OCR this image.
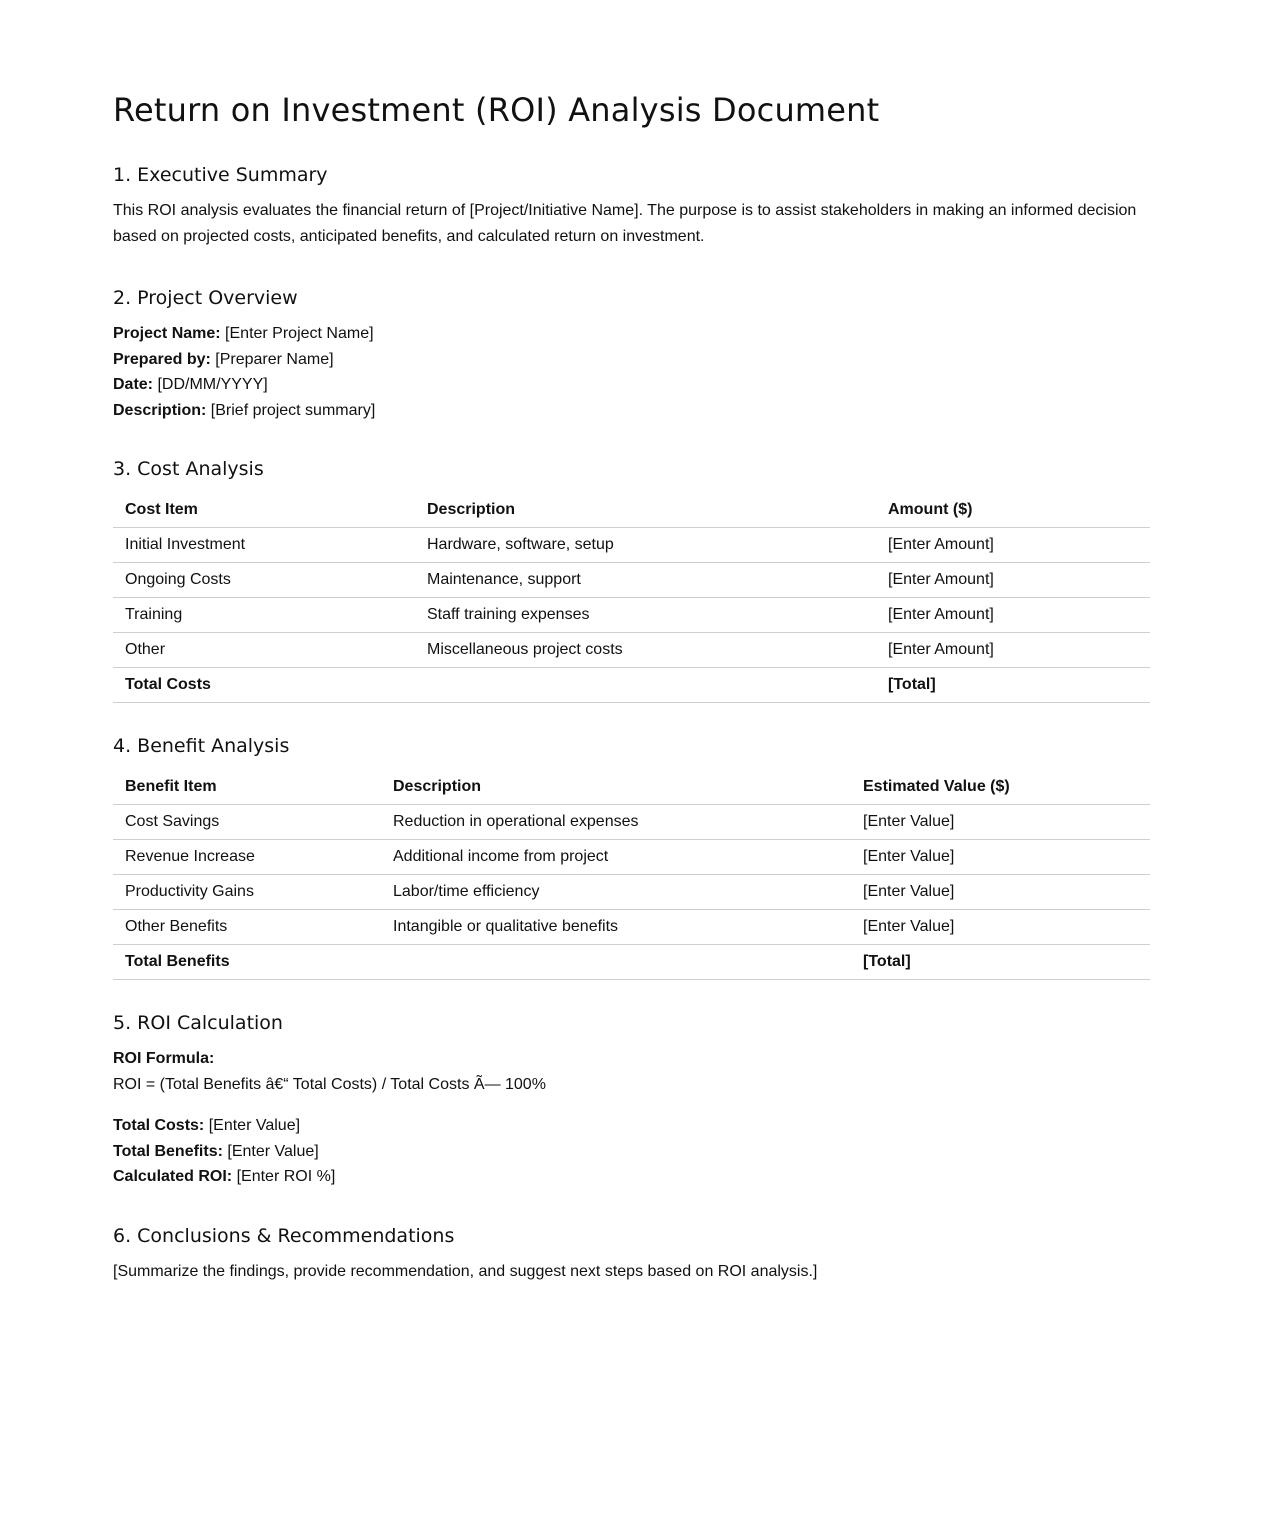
Return on Investment (ROI) Analysis Document
1. Executive Summary

This ROI analysis evaluates the financial return of [Project/Initiative Name]. The purpose is to assist stakeholders in making an informed decision based on projected costs, anticipated benefits, and calculated return on investment.

2. Project Overview
Project Name: [Enter Project Name]
Prepared by: [Preparer Name]
Date: [DD/MM/YYYY]
Description: [Brief project summary]
3. Cost Analysis
Cost Item	Description	Amount ($)
Initial Investment	Hardware, software, setup	[Enter Amount]
Ongoing Costs	Maintenance, support	[Enter Amount]
Training	Staff training expenses	[Enter Amount]
Other	Miscellaneous project costs	[Enter Amount]
Total Costs		[Total]
4. Benefit Analysis
Benefit Item	Description	Estimated Value ($)
Cost Savings	Reduction in operational expenses	[Enter Value]
Revenue Increase	Additional income from project	[Enter Value]
Productivity Gains	Labor/time efficiency	[Enter Value]
Other Benefits	Intangible or qualitative benefits	[Enter Value]
Total Benefits		[Total]
5. ROI Calculation
ROI Formula:
ROI = (Total Benefits â€“ Total Costs) / Total Costs Ã— 100%
Total Costs: [Enter Value]
Total Benefits: [Enter Value]
Calculated ROI: [Enter ROI %]
6. Conclusions & Recommendations

[Summarize the findings, provide recommendation, and suggest next steps based on ROI analysis.]
